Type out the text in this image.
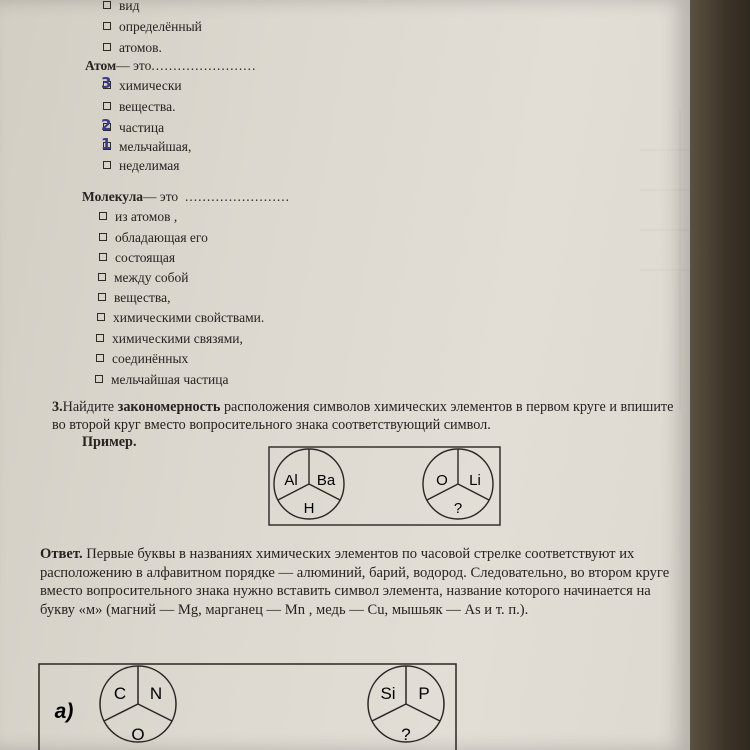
вид
определённый
атомов.
Атом— это........................
химически
вещества.
частица
мельчайшая,
неделимая
3
2
1
Молекула— это ........................
из атомов ,
обладающая его
состоящая
между собой
вещества,
химическими свойствами.
химическими связями,
соединённых
мельчайшая частица
3.Найдите закономерность расположения символов химических элементов в первом круге и впишите во второй круг вместо вопросительного знака соответствующий символ.
Пример.
Al Ba
H
O Li
?
Ответ. Первые буквы в названиях химических элементов по часовой стрелке соответствуют их расположению в алфавитном порядке — алюминий, барий, водород. Следовательно, во втором круге вместо вопросительного знака нужно вставить символ элемента, название которого начинается на букву «м» (магний — Mg, марганец — Mn , медь — Cu, мышьяк — As и т. п.).
а)
C N
O
Si P
?
